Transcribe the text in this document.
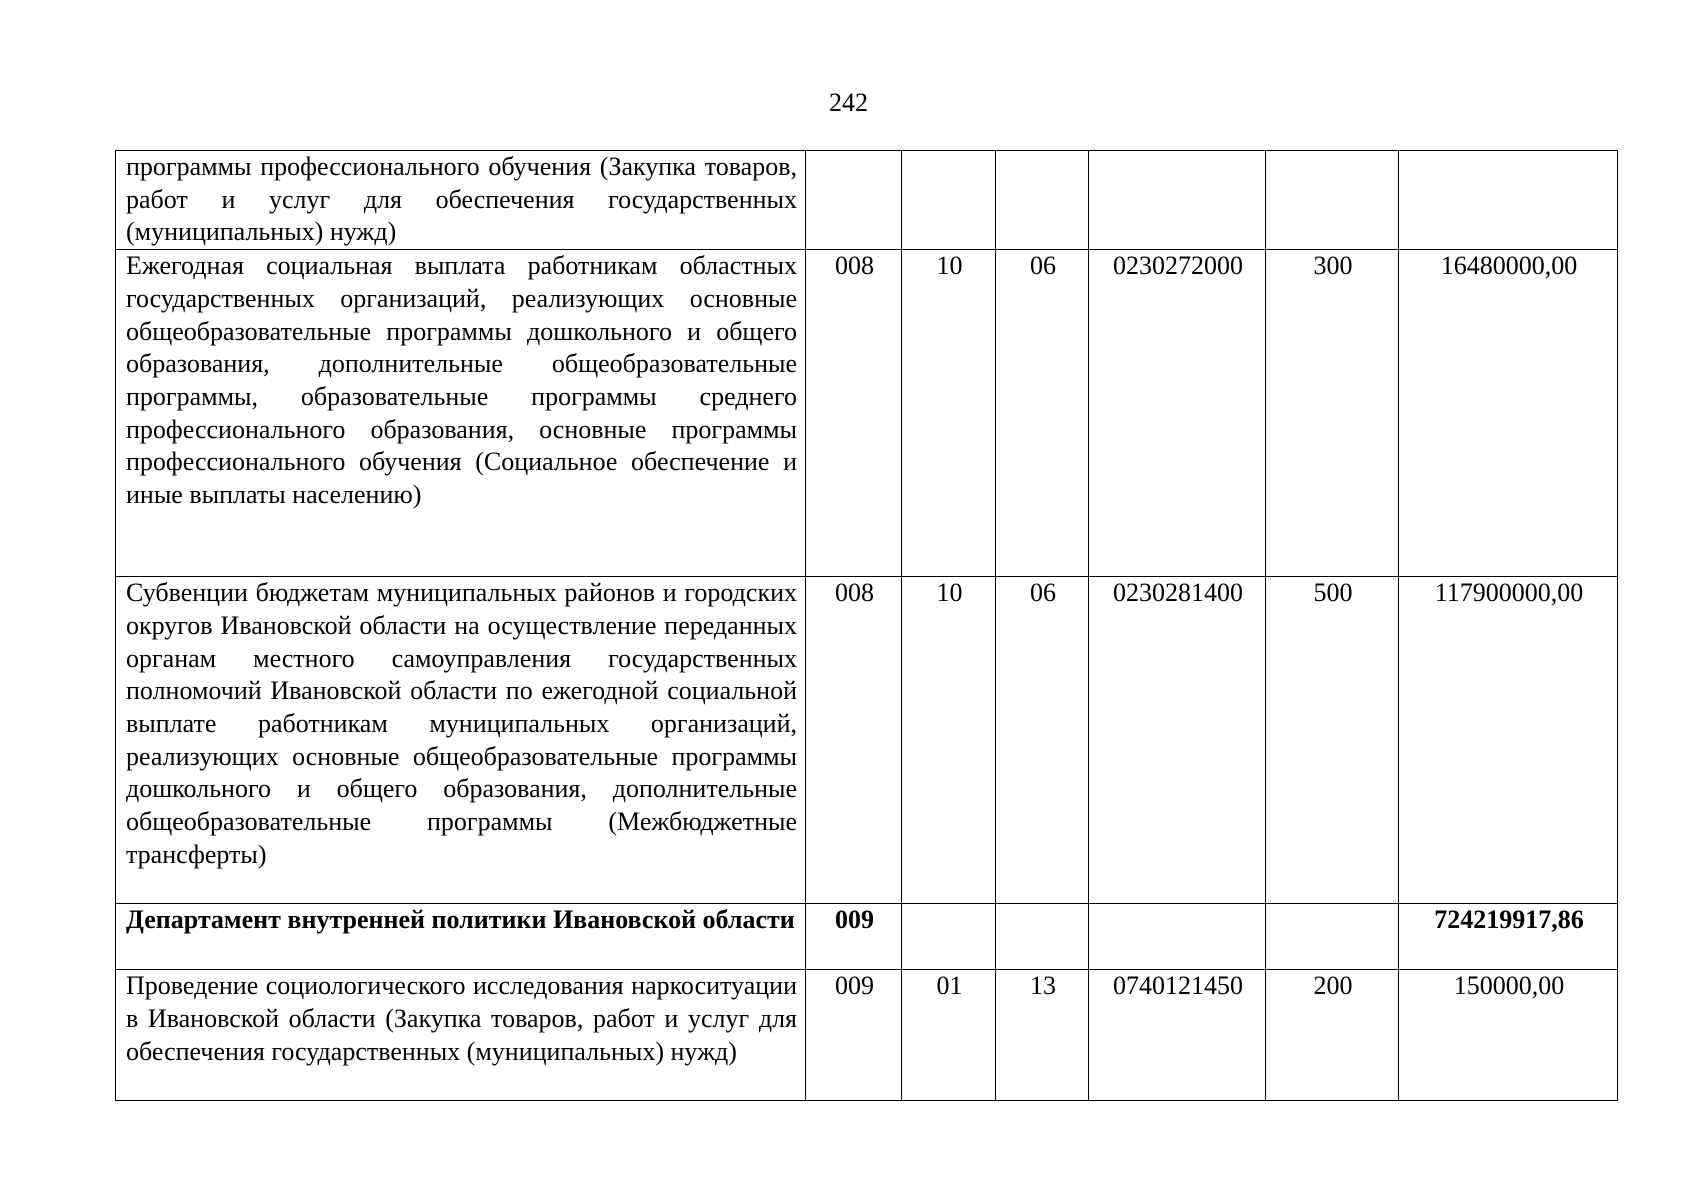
242
программы профессионального обучения (Закупка товаров, работ и услуг для обеспечения государственных (муниципальных) нужд)						
Ежегодная социальная выплата работникам областных государственных организаций, реализующих основные общеобразовательные программы дошкольного и общего образования, дополнительные общеобразовательные программы, образовательные программы среднего профессионального образования, основные программы профессионального обучения (Социальное обеспечение и иные выплаты населению)	008	10	06	0230272000	300	16480000,00
Субвенции бюджетам муниципальных районов и городских округов Ивановской области на осуществление переданных органам местного самоуправления государственных полномочий Ивановской области по ежегодной социальной выплате работникам муниципальных организаций, реализующих основные общеобразовательные программы дошкольного и общего образования, дополнительные общеобразовательные программы (Межбюджетные трансферты)	008	10	06	0230281400	500	117900000,00
Департамент внутренней политики Ивановской области	009					724219917,86
Проведение социологического исследования наркоситуации в Ивановской области (Закупка товаров, работ и услуг для обеспечения государственных (муниципальных) нужд)	009	01	13	0740121450	200	150000,00
